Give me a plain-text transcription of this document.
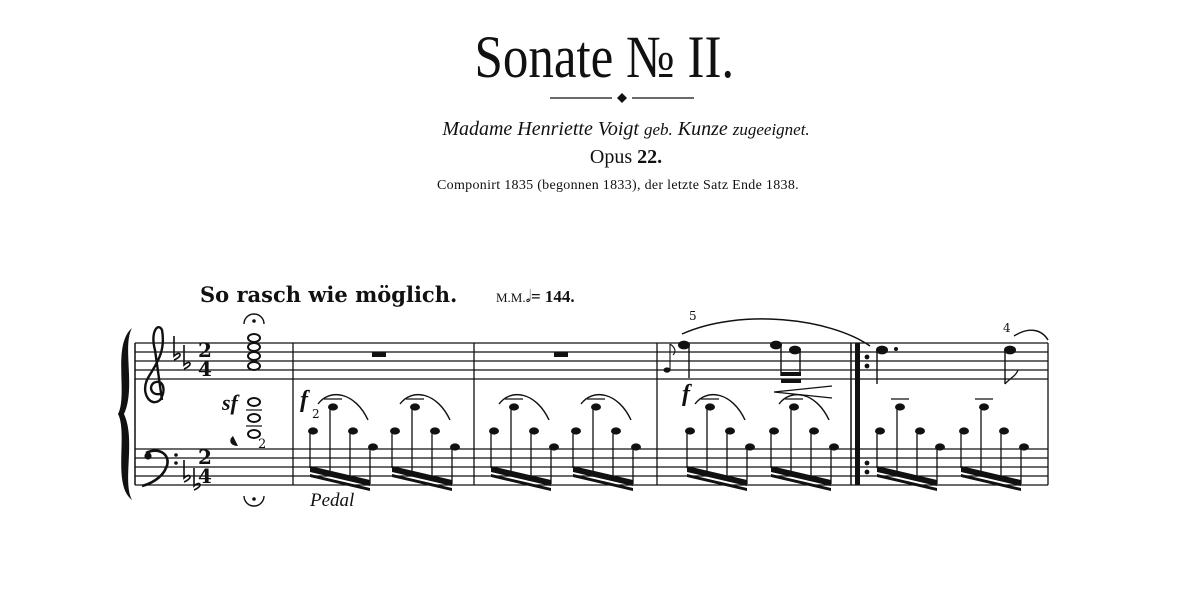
Sonate № II.
Madame Henriette Voigt geb. Kunze zugeeignet.
Opus 22.
Componirt 1835 (begonnen 1833), der letzte Satz Ende 1838.
So rasch wie möglich.	M.M.𝅗𝅥= 144.
2
4
2
4
sf
2
f
2
5
f
4
Pedal
